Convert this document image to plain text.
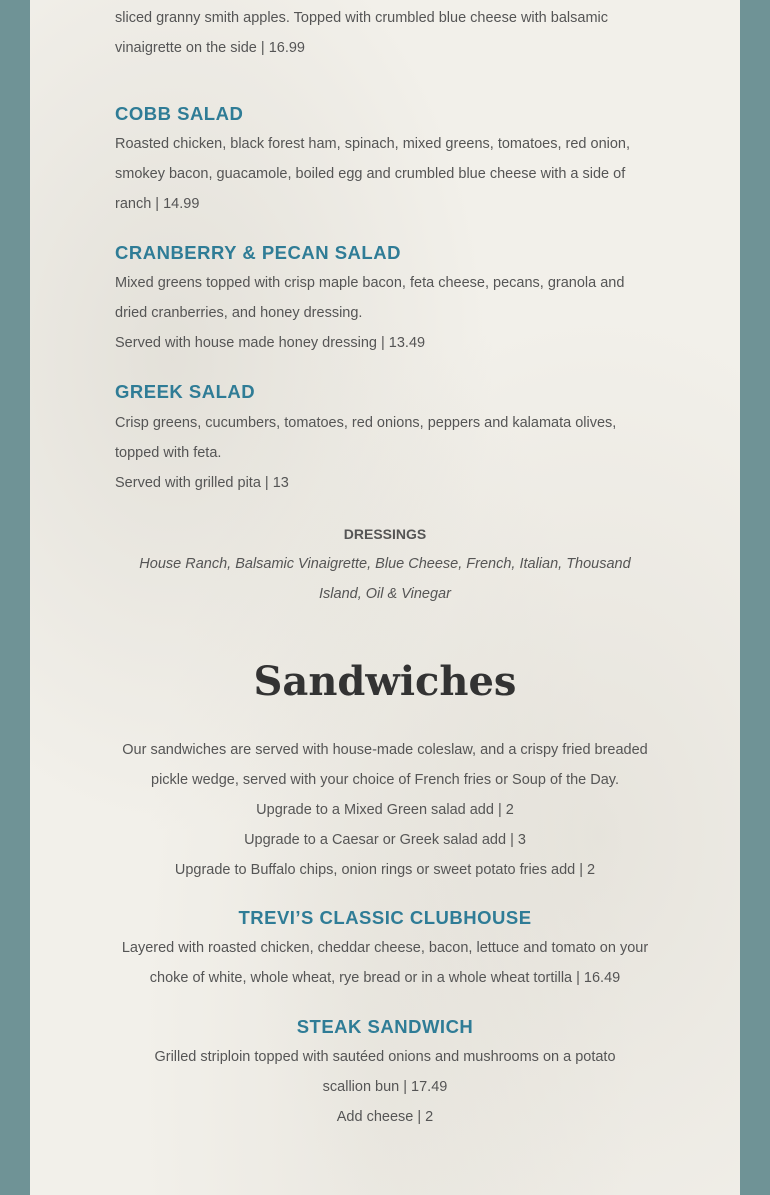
sliced granny smith apples. Topped with crumbled blue cheese with balsamic vinaigrette on the side | 16.99

COBB SALAD

Roasted chicken, black forest ham, spinach, mixed greens, tomatoes, red onion, smokey bacon, guacamole, boiled egg and crumbled blue cheese with a side of ranch | 14.99

CRANBERRY & PECAN SALAD

Mixed greens topped with crisp maple bacon, feta cheese, pecans, granola and dried cranberries, and honey dressing.

Served with house made honey dressing | 13.49

GREEK SALAD

Crisp greens, cucumbers, tomatoes, red onions, peppers and kalamata olives, topped with feta.

Served with grilled pita | 13

DRESSINGS

House Ranch, Balsamic Vinaigrette, Blue Cheese, French, Italian, Thousand Island, Oil & Vinegar

Sandwiches

Our sandwiches are served with house-made coleslaw, and a crispy fried breaded pickle wedge, served with your choice of French fries or Soup of the Day.

Upgrade to a Mixed Green salad add | 2

Upgrade to a Caesar or Greek salad add | 3

Upgrade to Buffalo chips, onion rings or sweet potato fries add | 2

TREVI’S CLASSIC CLUBHOUSE

Layered with roasted chicken, cheddar cheese, bacon, lettuce and tomato on your choke of white, whole wheat, rye bread or in a whole wheat tortilla | 16.49

STEAK SANDWICH

Grilled striploin topped with sautéed onions and mushrooms on a potato scallion bun | 17.49

Add cheese | 2
